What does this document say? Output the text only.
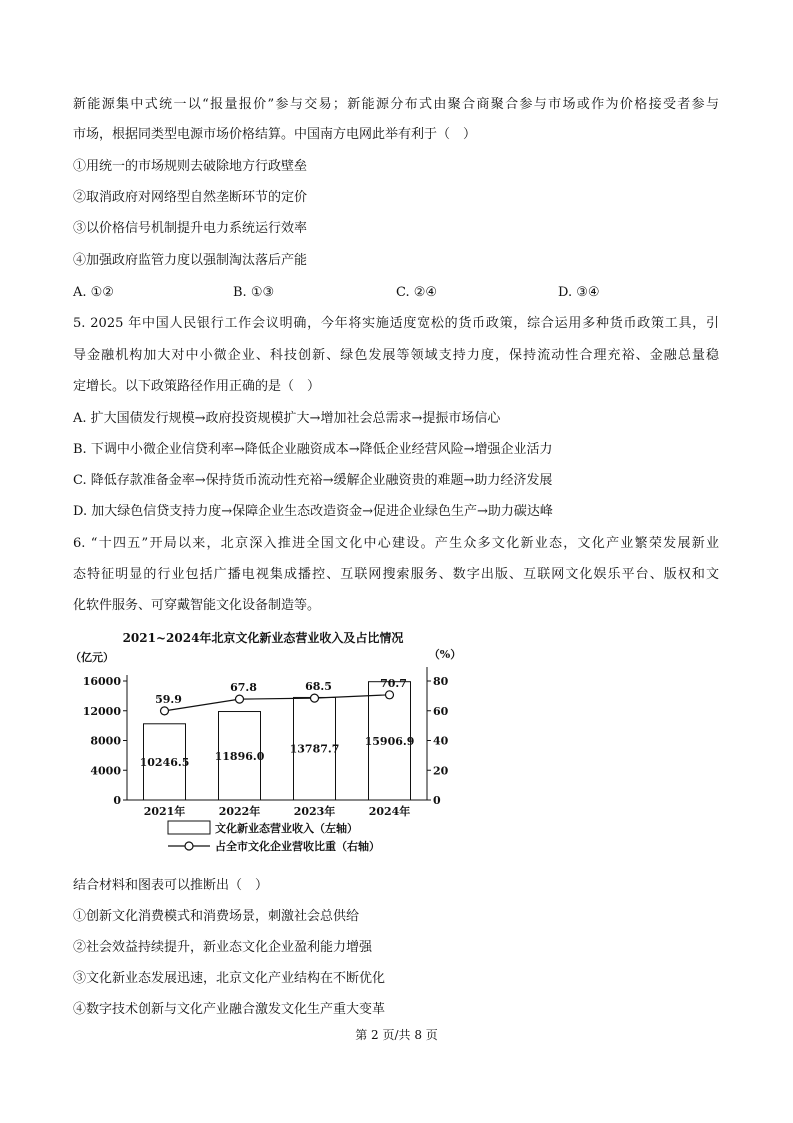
新能源集中式统一以“报量报价”参与交易；新能源分布式由聚合商聚合参与市场或作为价格接受者参与
市场，根据同类型电源市场价格结算。中国南方电网此举有利于（　）
①用统一的市场规则去破除地方行政壁垒
②取消政府对网络型自然垄断环节的定价
③以价格信号机制提升电力系统运行效率
④加强政府监管力度以强制淘汰落后产能
A. ①②	B. ①③	C. ②④	D. ③④
5. 2025 年中国人民银行工作会议明确，今年将实施适度宽松的货币政策，综合运用多种货币政策工具，引
导金融机构加大对中小微企业、科技创新、绿色发展等领域支持力度，保持流动性合理充裕、金融总量稳
定增长。以下政策路径作用正确的是（　）
A. 扩大国债发行规模→政府投资规模扩大→增加社会总需求→提振市场信心
B. 下调中小微企业信贷利率→降低企业融资成本→降低企业经营风险→增强企业活力
C. 降低存款准备金率→保持货币流动性充裕→缓解企业融资贵的难题→助力经济发展
D. 加大绿色信贷支持力度→保障企业生态改造资金→促进企业绿色生产→助力碳达峰
6. “十四五”开局以来，北京深入推进全国文化中心建设。产生众多文化新业态，文化产业繁荣发展新业
态特征明显的行业包括广播电视集成播控、互联网搜索服务、数字出版、互联网文化娱乐平台、版权和文
化软件服务、可穿戴智能文化设备制造等。
2021~2024年北京文化新业态营业收入及占比情况
（亿元）	（%）
0
4000
8000
12000
16000
0
20
40
60
80
10246.5
2021年
11896.0
2022年
13787.7
2023年
15906.9
2024年
59.9
67.8	68.5	70.7
文化新业态营业收入（左轴）
占全市文化企业营收比重（右轴）
结合材料和图表可以推断出（　）
①创新文化消费模式和消费场景，刺激社会总供给
②社会效益持续提升，新业态文化企业盈利能力增强
③文化新业态发展迅速，北京文化产业结构在不断优化
④数字技术创新与文化产业融合激发文化生产重大变革
第 2 页/共 8 页
